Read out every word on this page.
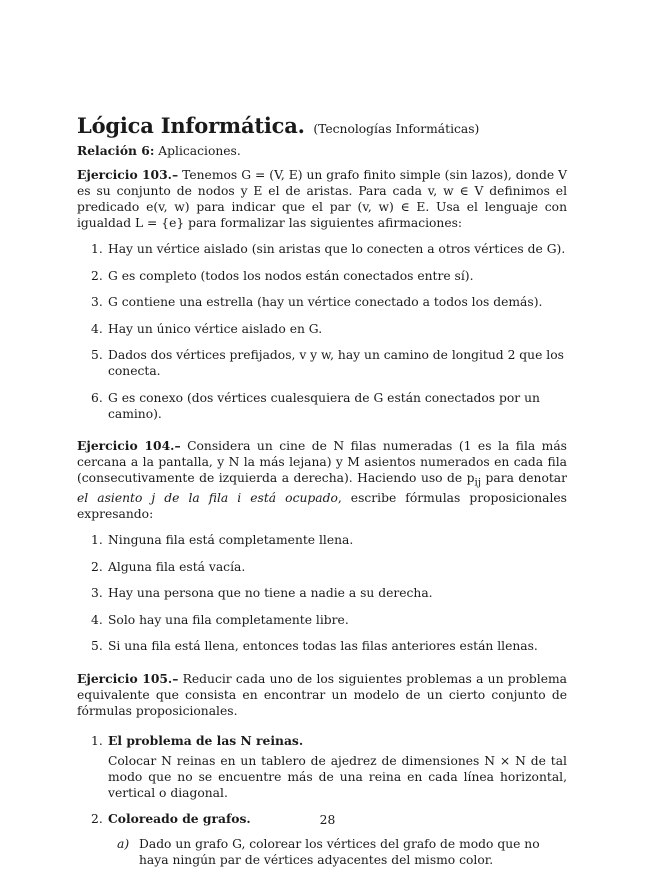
Lógica Informática. (Tecnologías Informáticas)

Relación 6: Aplicaciones.

Ejercicio 103.– Tenemos G = (V, E) un grafo finito simple (sin lazos), donde V es su conjunto de nodos y E el de aristas. Para cada v, w ∈ V definimos el predicado e(v, w) para indicar que el par (v, w) ∈ E. Usa el lenguaje con igualdad L = {e} para formalizar las siguientes afirmaciones:

1. Hay un vértice aislado (sin aristas que lo conecten a otros vértices de G).
2. G es completo (todos los nodos están conectados entre sí).
3. G contiene una estrella (hay un vértice conectado a todos los demás).
4. Hay un único vértice aislado en G.
5. Dados dos vértices prefijados, v y w, hay un camino de longitud 2 que los conecta.
6. G es conexo (dos vértices cualesquiera de G están conectados por un camino).

Ejercicio 104.– Considera un cine de N filas numeradas (1 es la fila más cercana a la pantalla, y N la más lejana) y M asientos numerados en cada fila (consecutivamente de izquierda a derecha). Haciendo uso de $p_{ij}$ para denotar el asiento j de la fila i está ocupado, escribe fórmulas proposicionales expresando:

1. Ninguna fila está completamente llena.
2. Alguna fila está vacía.
3. Hay una persona que no tiene a nadie a su derecha.
4. Solo hay una fila completamente libre.
5. Si una fila está llena, entonces todas las filas anteriores están llenas.

Ejercicio 105.– Reducir cada uno de los siguientes problemas a un problema equivalente que consista en encontrar un modelo de un cierto conjunto de fórmulas proposicionales.

1. El problema de las N reinas.

Colocar N reinas en un tablero de ajedrez de dimensiones N × N de tal modo que no se encuentre más de una reina en cada línea horizontal, vertical o diagonal.

2. Coloreado de grafos.
a) Dado un grafo G, colorear los vértices del grafo de modo que no haya ningún par de vértices adyacentes del mismo color.
28
